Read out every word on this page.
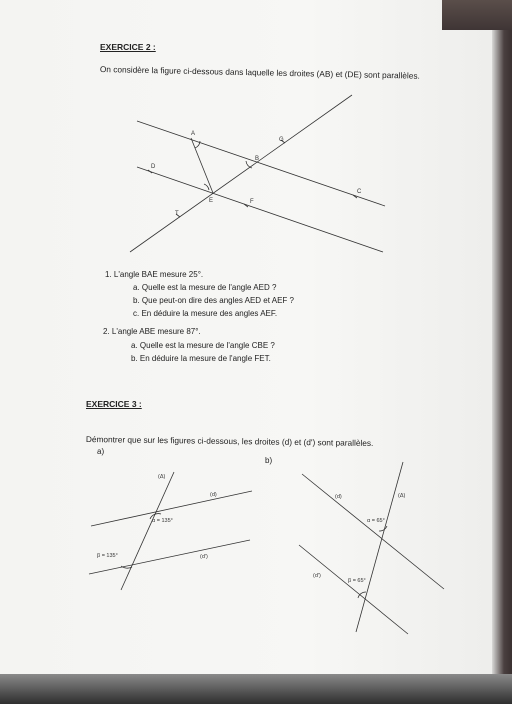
EXERCICE 2 :
On considère la figure ci-dessous dans laquelle les droites (AB) et (DE) sont parallèles.
A
B
G
C
D
E	F
T
1. L'angle BAE mesure 25°.
a. Quelle est la mesure de l'angle AED ?
b. Que peut-on dire des angles AED et AEF ?
c. En déduire la mesure des angles AEF.
2. L'angle ABE mesure 87°.
a. Quelle est la mesure de l'angle CBE ?
b. En déduire la mesure de l'angle FET.
EXERCICE 3 :
Démontrer que sur les figures ci-dessous, les droites (d) et (d') sont parallèles.
a)
b)
(Δ)
(d)
(d')
α = 135°
β = 135°
(Δ)
(d)
(d')
α = 65°
β = 65°
